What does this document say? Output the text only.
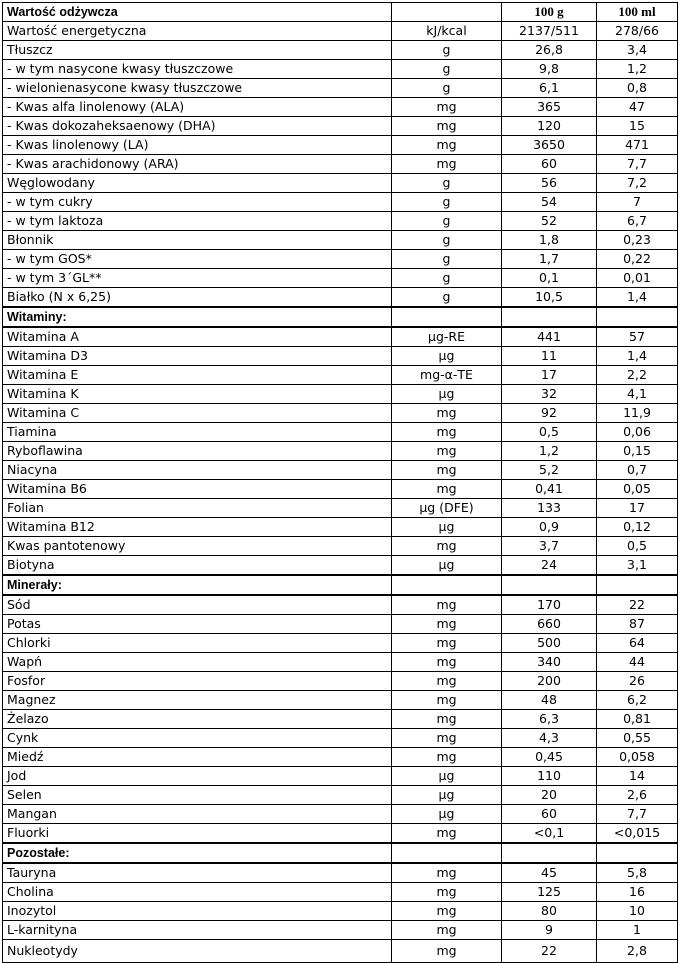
Wartość odżywcza		100 g	100 ml
Wartość energetyczna	kJ/kcal	2137/511	278/66
Tłuszcz	g	26,8	3,4
- w tym nasycone kwasy tłuszczowe	g	9,8	1,2
- wielonienasycone kwasy tłuszczowe	g	6,1	0,8
- Kwas alfa linolenowy (ALA)	mg	365	47
- Kwas dokozaheksaenowy (DHA)	mg	120	15
- Kwas linolenowy (LA)	mg	3650	471
- Kwas arachidonowy (ARA)	mg	60	7,7
Węglowodany	g	56	7,2
- w tym cukry	g	54	7
- w tym laktoza	g	52	6,7
Błonnik	g	1,8	0,23
- w tym GOS*	g	1,7	0,22
- w tym 3´GL**	g	0,1	0,01
Białko (N x 6,25)	g	10,5	1,4
Witaminy:			
Witamina A	µg-RE	441	57
Witamina D3	µg	11	1,4
Witamina E	mg-α-TE	17	2,2
Witamina K	µg	32	4,1
Witamina C	mg	92	11,9
Tiamina	mg	0,5	0,06
Ryboflawina	mg	1,2	0,15
Niacyna	mg	5,2	0,7
Witamina B6	mg	0,41	0,05
Folian	µg (DFE)	133	17
Witamina B12	µg	0,9	0,12
Kwas pantotenowy	mg	3,7	0,5
Biotyna	µg	24	3,1
Minerały:			
Sód	mg	170	22
Potas	mg	660	87
Chlorki	mg	500	64
Wapń	mg	340	44
Fosfor	mg	200	26
Magnez	mg	48	6,2
Żelazo	mg	6,3	0,81
Cynk	mg	4,3	0,55
Miedź	mg	0,45	0,058
Jod	µg	110	14
Selen	µg	20	2,6
Mangan	µg	60	7,7
Fluorki	mg	<0,1	<0,015
Pozostałe:			
Tauryna	mg	45	5,8
Cholina	mg	125	16
Inozytol	mg	80	10
L-karnityna	mg	9	1
Nukleotydy	mg	22	2,8
